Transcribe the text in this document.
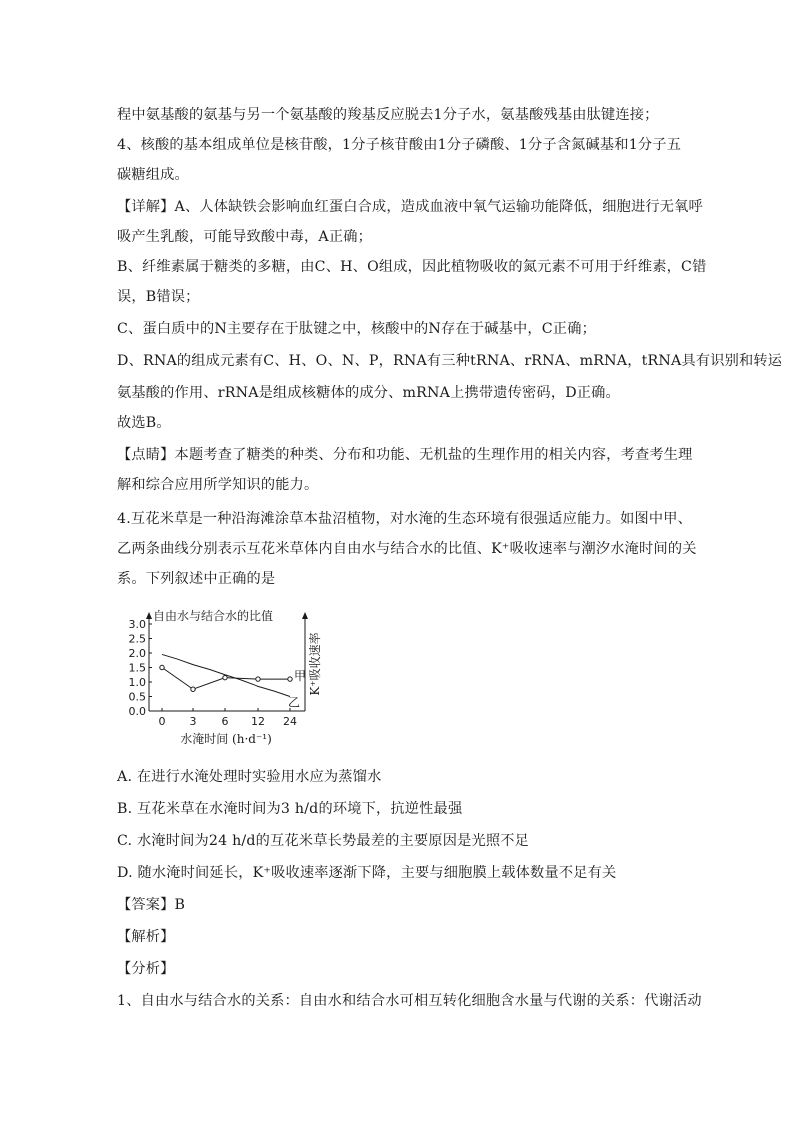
程中氨基酸的氨基与另一个氨基酸的羧基反应脱去1分子水，氨基酸残基由肽键连接；
4、核酸的基本组成单位是核苷酸，1分子核苷酸由1分子磷酸、1分子含氮碱基和1分子五
碳糖组成。
【详解】A、人体缺铁会影响血红蛋白合成，造成血液中氧气运输功能降低，细胞进行无氧呼
吸产生乳酸，可能导致酸中毒，A正确；
B、纤维素属于糖类的多糖，由C、H、O组成，因此植物吸收的氮元素不可用于纤维素，C错
误，B错误；
C、蛋白质中的N主要存在于肽键之中，核酸中的N存在于碱基中，C正确；
D、RNA的组成元素有C、H、O、N、P，RNA有三种tRNA、rRNA、mRNA，tRNA具有识别和转运
氨基酸的作用、rRNA是组成核糖体的成分、mRNA上携带遗传密码，D正确。
故选B。
【点睛】本题考查了糖类的种类、分布和功能、无机盐的生理作用的相关内容，考查考生理
解和综合应用所学知识的能力。
4.互花米草是一种沿海滩涂草本盐沼植物，对水淹的生态环境有很强适应能力。如图中甲、
乙两条曲线分别表示互花米草体内自由水与结合水的比值、K⁺吸收速率与潮汐水淹时间的关
系。下列叙述中正确的是
A. 在进行水淹处理时实验用水应为蒸馏水
B. 互花米草在水淹时间为3 h/d的环境下，抗逆性最强
C. 水淹时间为24 h/d的互花米草长势最差的主要原因是光照不足
D. 随水淹时间延长，K⁺吸收速率逐渐下降，主要与细胞膜上载体数量不足有关
【答案】B
【解析】
【分析】
1、自由水与结合水的关系：自由水和结合水可相互转化细胞含水量与代谢的关系：代谢活动
0.0
0.5
1.0
1.5
2.0
2.5
3.0
0 3 6 12 24
自由水与结合水的比值
K⁺吸收速率
水淹时间 (h·d⁻¹)
甲
乙
